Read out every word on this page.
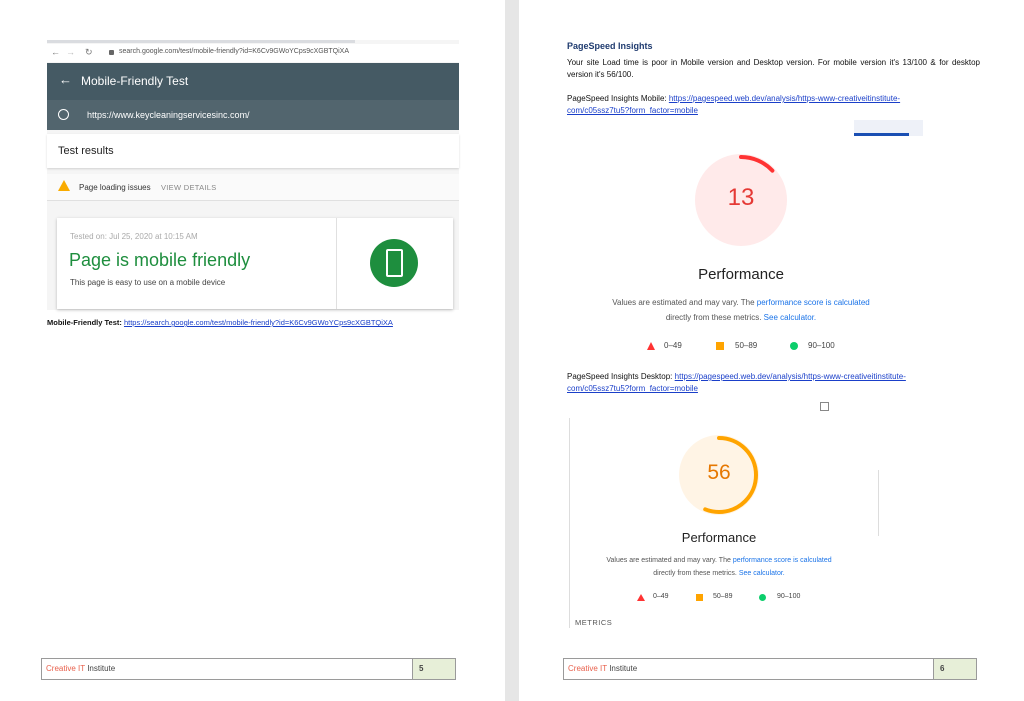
← → ↻	search.google.com/test/mobile-friendly?id=K6Cv9GWoYCps9cXGBTQiXA
← Mobile-Friendly Test
https://www.keycleaningservicesinc.com/
Test results
Page loading issues VIEW DETAILS
Tested on: Jul 25, 2020 at 10:15 AM
Page is mobile friendly
This page is easy to use on a mobile device
Mobile-Friendly Test: https://search.google.com/test/mobile-friendly?id=K6Cv9GWoYCps9cXGBTQiXA
Creative IT Institute	5
PageSpeed Insights
Your site Load time is poor in Mobile version and Desktop version. For mobile version it's 13/100 & for desktop version it's 56/100.
PageSpeed Insights Mobile: https://pagespeed.web.dev/analysis/https-www-creativeitinstitute-
com/c05ssz7tu5?form_factor=mobile
13
Performance
Values are estimated and may vary. The performance score is calculated
directly from these metrics. See calculator.
0–49	50–89	90–100
PageSpeed Insights Desktop: https://pagespeed.web.dev/analysis/https-www-creativeitinstitute-
com/c05ssz7tu5?form_factor=mobile
56
Performance
Values are estimated and may vary. The performance score is calculated
directly from these metrics. See calculator.
0–49	50–89	90–100
METRICS
Creative IT Institute	6
